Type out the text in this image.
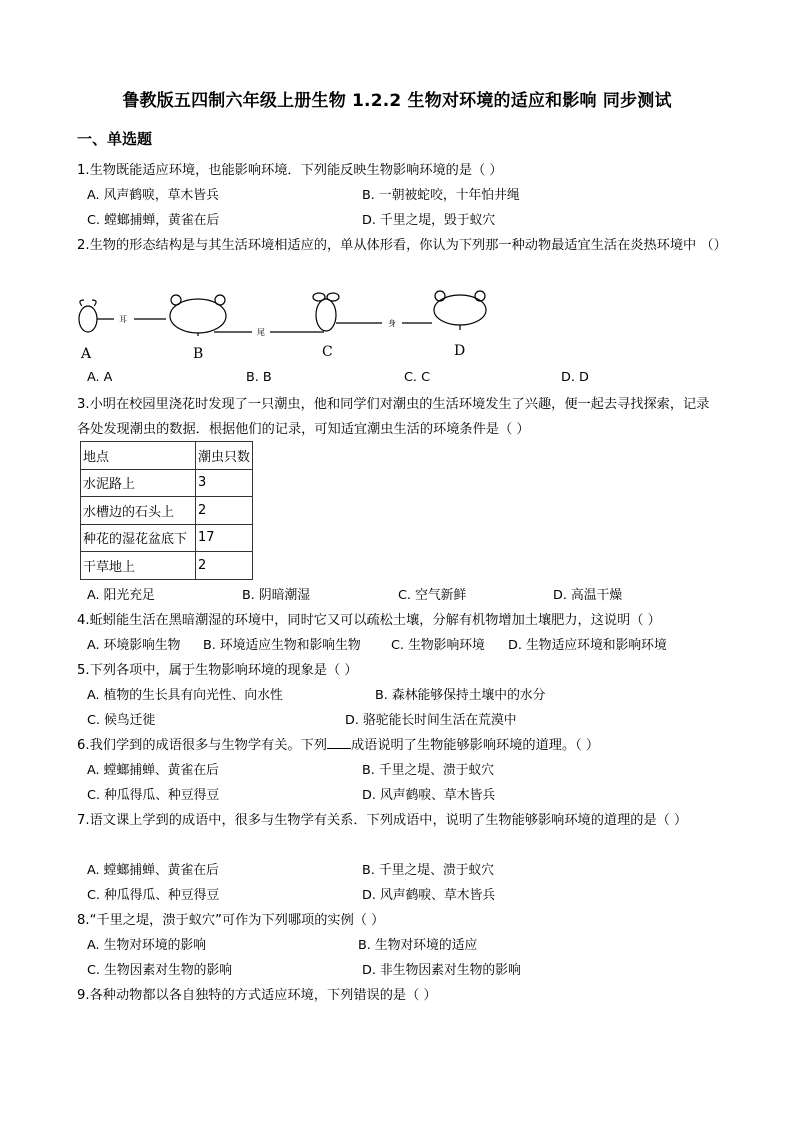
鲁教版五四制六年级上册生物 1.2.2 生物对环境的适应和影响 同步测试
一、单选题
1.生物既能适应环境，也能影响环境．下列能反映生物影响环境的是（ ）
A. 风声鹤唳，草木皆兵	B. 一朝被蛇咬，十年怕井绳
C. 螳螂捕蝉，黄雀在后	D. 千里之堤，毁于蚁穴
2.生物的形态结构是与其生活环境相适应的，单从体形看，你认为下列那一种动物最适宜生活在炎热环境中 （）
A	B	C	D
耳
尾
身
A. A	B. B	C. C	D. D
3.小明在校园里浇花时发现了一只潮虫，他和同学们对潮虫的生活环境发生了兴趣，便一起去寻找探索，记录各处发现潮虫的数据．根据他们的记录，可知适宜潮虫生活的环境条件是（ ）
地点	潮虫只数
水泥路上	3
水槽边的石头上	2
种花的湿花盆底下	17
干草地上	2
A. 阳光充足	B. 阴暗潮湿	C. 空气新鲜	D. 高温干燥
4.蚯蚓能生活在黑暗潮湿的环境中，同时它又可以疏松土壤，分解有机物增加土壤肥力，这说明（ ）
A. 环境影响生物 B. 环境适应生物和影响生物 C. 生物影响环境 D. 生物适应环境和影响环境
5.下列各项中，属于生物影响环境的现象是（ ）
A. 植物的生长具有向光性、向水性	B. 森林能够保持土壤中的水分
C. 候鸟迁徙	D. 骆驼能长时间生活在荒漠中
6.我们学到的成语很多与生物学有关。下列 成语说明了生物能够影响环境的道理。（ ）
A. 螳螂捕蝉、黄雀在后	B. 千里之堤、溃于蚁穴
C. 种瓜得瓜、种豆得豆	D. 风声鹤唳、草木皆兵
7.语文课上学到的成语中，很多与生物学有关系．下列成语中，说明了生物能够影响环境的道理的是（ ）
A. 螳螂捕蝉、黄雀在后	B. 千里之堤、溃于蚁穴
C. 种瓜得瓜、种豆得豆	D. 风声鹤唳、草木皆兵
8.“千里之堤，溃于蚁穴”可作为下列哪项的实例（ ）
A. 生物对环境的影响	B. 生物对环境的适应
C. 生物因素对生物的影响	D. 非生物因素对生物的影响
9.各种动物都以各自独特的方式适应环境，下列错误的是（ ）
